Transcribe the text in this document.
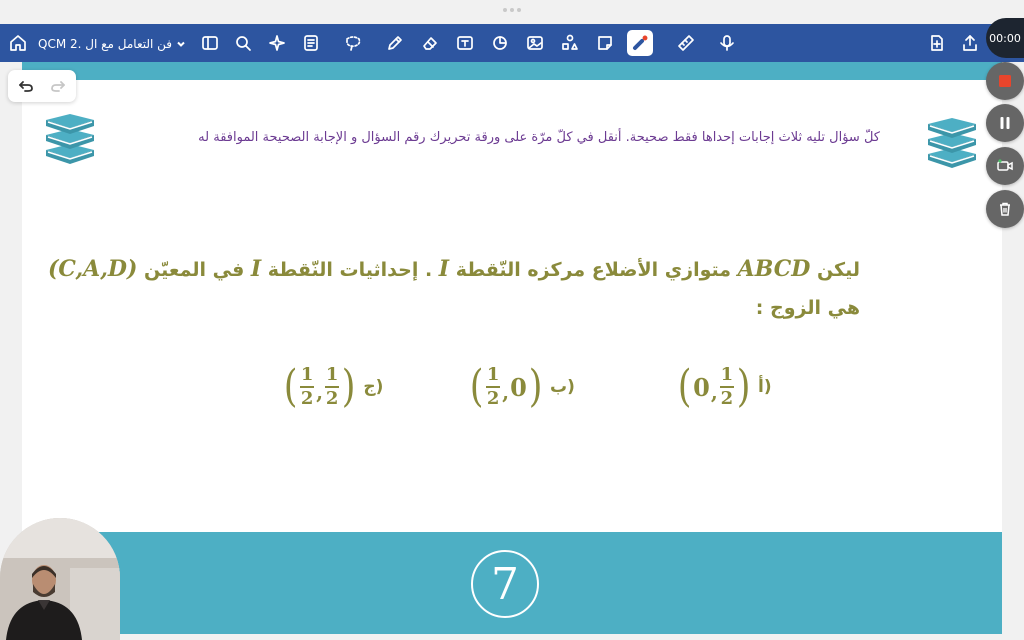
QCM فن التعامل مع ال .2
كلّ سؤال تليه ثلاث إجابات إحداها فقط صحيحة. أنقل في كلّ مرّة على ورقة تحريرك رقم السؤال و الإجابة الصحيحة الموافقة له
ليكن ABCD متوازي الأضلاع مركزه النّقطة I . إحداثيات النّقطة I في المعيّن (C,A,D)
هي الزوج :
( 0 , $\frac{1}{2}$ ) أ)
( $\frac{1}{2}$ , 0 ) ب)
( $\frac{1}{2}$ , $\frac{1}{2}$ ) ج)
7
00:00
